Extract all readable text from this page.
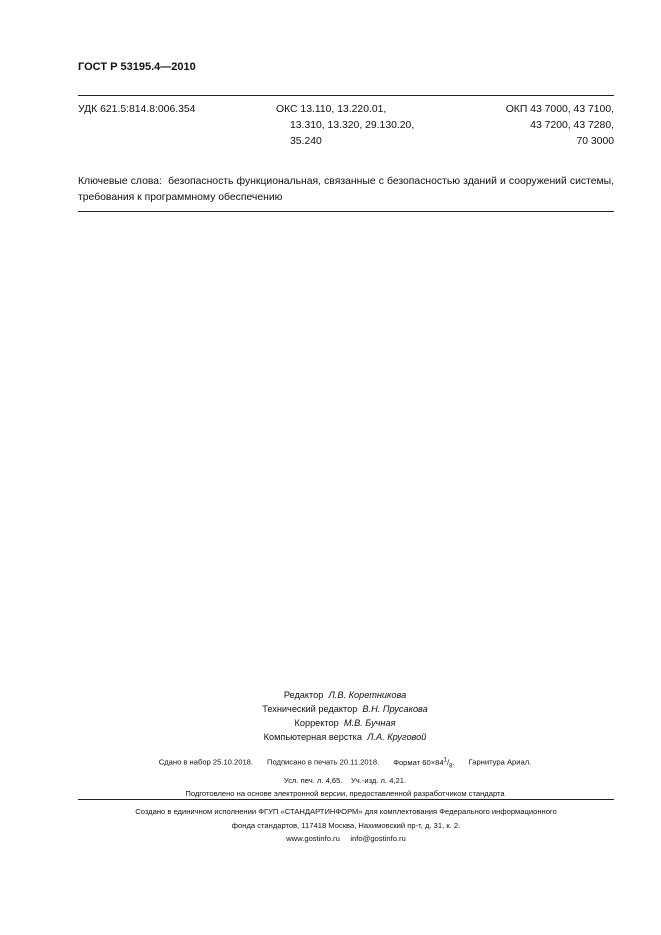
ГОСТ Р 53195.4—2010
УДК 621.5:814.8:006.354	ОКС 13.110, 13.220.01,
13.310, 13.320, 29.130.20,
35.240
ОКП 43 7000, 43 7100,
43 7200, 43 7280,
70 3000
Ключевые слова: безопасность функциональная, связанные с безопасностью зданий и сооружений системы, требования к программному обеспечению
Редактор Л.В. Коретникова
Технический редактор В.Н. Прусакова
Корректор М.В. Бучная
Компьютерная верстка Л.А. Круговой
Сдано в набор 25.10.2018. Подписано в печать 20.11.2018. Формат $60\times 84^1/_8$. Гарнитура Ариал.
Усл. печ. л. 4,65. Уч.-изд. л. 4,21.
Подготовлено на основе электронной версии, предоставленной разработчиком стандарта
Создано в единичном исполнении ФГУП «СТАНДАРТИНФОРМ» для комплектования Федерального информационного
фонда стандартов, 117418 Москва, Нахимовский пр-т, д. 31, к. 2.
www.gostinfo.ru info@gostinfo.ru
